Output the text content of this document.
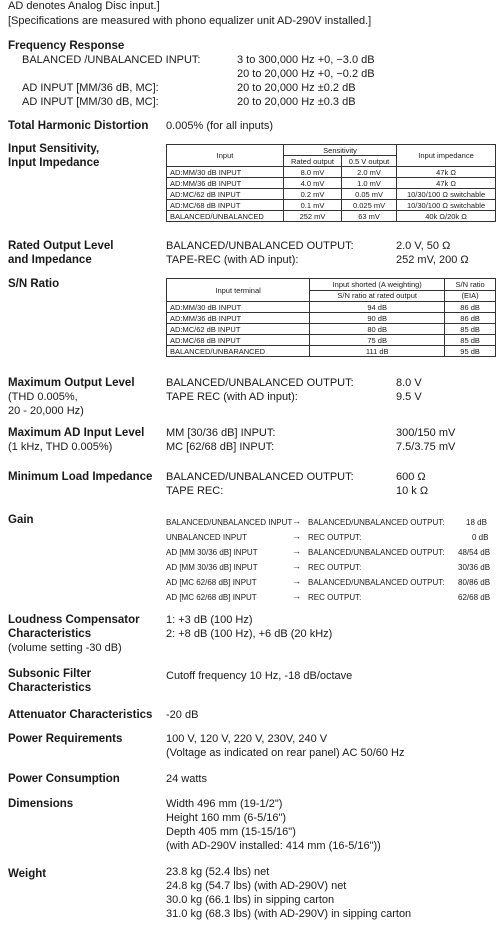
AD denotes Analog Disc input.]
[Specifications are measured with phono equalizer unit AD-290V installed.]
Frequency Response
BALANCED /UNBALANCED INPUT:	3 to 300,000 Hz +0, −3.0 dB
20 to 20,000 Hz +0, −0.2 dB
AD INPUT [MM/36 dB, MC]:	20 to 20,000 Hz ±0.2 dB
AD INPUT [MM/30 dB, MC]:	20 to 20,000 Hz ±0.3 dB
Total Harmonic Distortion 0.005% (for all inputs)
Input Sensitivity,
Input Impedance
Input	Sensitivity		Input impedance
	Rated output	0.5 V output	
AD:MM/30 dB INPUT	8.0 mV	2.0 mV	47k Ω
AD:MM/36 dB INPUT	4.0 mV	1.0 mV	47k Ω
AD:MC/62 dB INPUT	0.2 mV	0.05 mV	10/30/100 Ω switchable
AD:MC/68 dB INPUT	0.1 mV	0.025 mV	10/30/100 Ω switchable
BALANCED/UNBALANCED	252 mV	63 mV	40k Ω/20k Ω
Rated Output Level
and Impedance
BALANCED/UNBALANCED OUTPUT:	2.0 V, 50 Ω
TAPE-REC (with AD input):	252 mV, 200 Ω
S/N Ratio	Input terminal	Input shorted (A weighting)	S/N ratio
	S/N ratio at rated output	(EIA)
AD:MM/30 dB INPUT	94 dB	86 dB
AD:MM/36 dB INPUT	90 dB	86 dB
AD:MC/62 dB INPUT	80 dB	85 dB
AD:MC/68 dB INPUT	75 dB	85 dB
BALANCED/UNBARANCED	111 dB	95 dB
Maximum Output Level
(THD 0.005%,
20 - 20,000 Hz)
BALANCED/UNBALANCED OUTPUT:	8.0 V
TAPE REC (with AD input):	9.5 V
Maximum AD Input Level
(1 kHz, THD 0.005%)
MM [30/36 dB] INPUT:	300/150 mV
MC [62/68 dB] INPUT:	7.5/3.75 mV
Minimum Load Impedance BALANCED/UNBALANCED OUTPUT:	600 Ω
TAPE REC:	10 k Ω
Gain	BALANCED/UNBALANCED INPUT → BALANCED/UNBALANCED OUTPUT:	18 dB
UNBALANCED INPUT	→ REC OUTPUT:	0 dB
AD [MM 30/36 dB] INPUT	→ BALANCED/UNBALANCED OUTPUT: 48/54 dB
AD [MM 30/36 dB] INPUT	→ REC OUTPUT:	30/36 dB
AD [MC 62/68 dB] INPUT	→ BALANCED/UNBALANCED OUTPUT: 80/86 dB
AD [MC 62/68 dB] INPUT	→ REC OUTPUT:	62/68 dB
Loudness Compensator
Characteristics
(volume setting -30 dB)
1: +3 dB (100 Hz)
2: +8 dB (100 Hz), +6 dB (20 kHz)
Subsonic Filter
Characteristics
Cutoff frequency 10 Hz, -18 dB/octave
Attenuator Characteristics -20 dB
Power Requirements	100 V, 120 V, 220 V, 230V, 240 V
(Voltage as indicated on rear panel) AC 50/60 Hz
Power Consumption	24 watts
Dimensions	Width 496 mm (19-1/2")
Height 160 mm (6-5/16")
Depth 405 mm (15-15/16")
(with AD-290V installed: 414 mm (16-5/16"))
Weight	23.8 kg (52.4 lbs) net
24.8 kg (54.7 lbs) (with AD-290V) net
30.0 kg (66.1 lbs) in sipping carton
31.0 kg (68.3 lbs) (with AD-290V) in sipping carton
